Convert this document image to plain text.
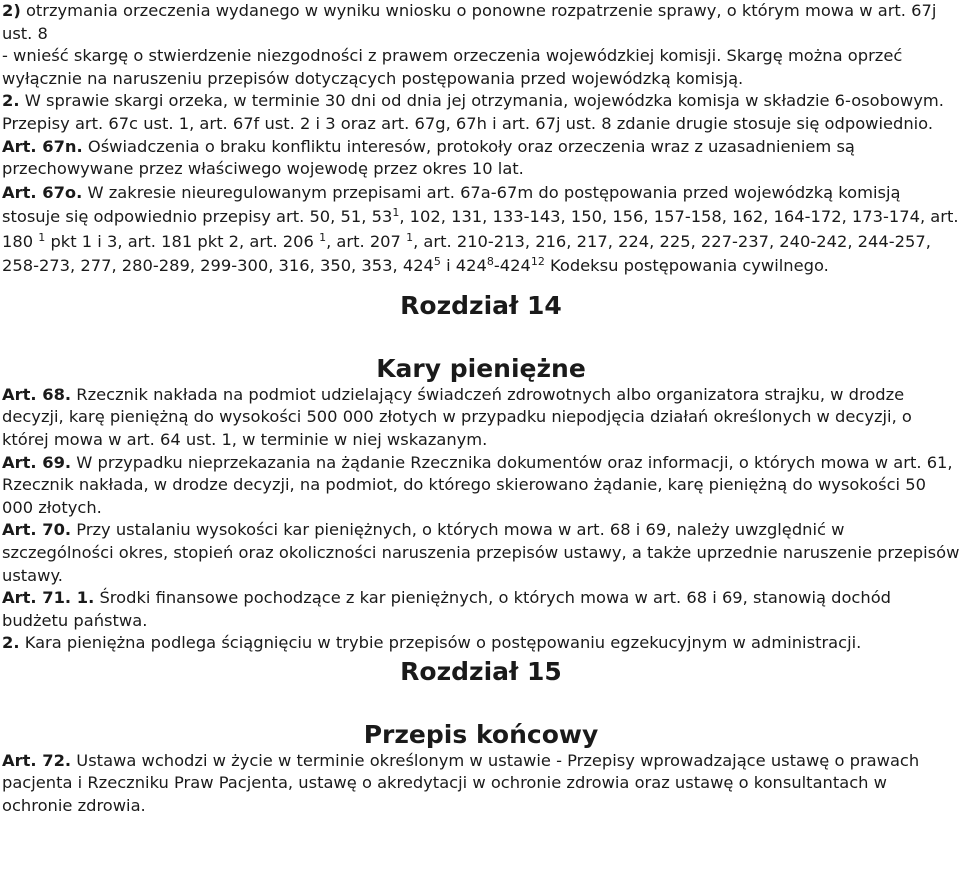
2) otrzymania orzeczenia wydanego w wyniku wniosku o ponowne rozpatrzenie sprawy, o którym mowa w art. 67j ust. 8

- wnieść skargę o stwierdzenie niezgodności z prawem orzeczenia wojewódzkiej komisji. Skargę można oprzeć wyłącznie na naruszeniu przepisów dotyczących postępowania przed wojewódzką komisją.

2. W sprawie skargi orzeka, w terminie 30 dni od dnia jej otrzymania, wojewódzka komisja w składzie 6-osobowym. Przepisy art. 67c ust. 1, art. 67f ust. 2 i 3 oraz art. 67g, 67h i art. 67j ust. 8 zdanie drugie stosuje się odpowiednio.

Art. 67n. Oświadczenia o braku konfliktu interesów, protokoły oraz orzeczenia wraz z uzasadnieniem są przechowywane przez właściwego wojewodę przez okres 10 lat.

Art. 67o. W zakresie nieuregulowanym przepisami art. 67a-67m do postępowania przed wojewódzką komisją stosuje się odpowiednio przepisy art. 50, 51, $53^1$, 102, 131, 133-143, 150, 156, 157-158, 162, 164-172, 173-174, art. 180 $^1$ pkt 1 i 3, art. 181 pkt 2, art. 206 $^1$, art. 207 $^1$, art. 210-213, 216, 217, 224, 225, 227-237, 240-242, 244-257, 258-273, 277, 280-289, 299-300, 316, 350, 353, $424^5$ i $424^8-424^{12}$ Kodeksu postępowania cywilnego.

Rozdział 14

Kary pieniężne

Art. 68. Rzecznik nakłada na podmiot udzielający świadczeń zdrowotnych albo organizatora strajku, w drodze decyzji, karę pieniężną do wysokości 500 000 złotych w przypadku niepodjęcia działań określonych w decyzji, o której mowa w art. 64 ust. 1, w terminie w niej wskazanym.

Art. 69. W przypadku nieprzekazania na żądanie Rzecznika dokumentów oraz informacji, o których mowa w art. 61, Rzecznik nakłada, w drodze decyzji, na podmiot, do którego skierowano żądanie, karę pieniężną do wysokości 50 000 złotych.

Art. 70. Przy ustalaniu wysokości kar pieniężnych, o których mowa w art. 68 i 69, należy uwzględnić w szczególności okres, stopień oraz okoliczności naruszenia przepisów ustawy, a także uprzednie naruszenie przepisów ustawy.

Art. 71. 1. Środki finansowe pochodzące z kar pieniężnych, o których mowa w art. 68 i 69, stanowią dochód budżetu państwa.

2. Kara pieniężna podlega ściągnięciu w trybie przepisów o postępowaniu egzekucyjnym w administracji.

Rozdział 15

Przepis końcowy

Art. 72. Ustawa wchodzi w życie w terminie określonym w ustawie - Przepisy wprowadzające ustawę o prawach pacjenta i Rzeczniku Praw Pacjenta, ustawę o akredytacji w ochronie zdrowia oraz ustawę o konsultantach w ochronie zdrowia.
